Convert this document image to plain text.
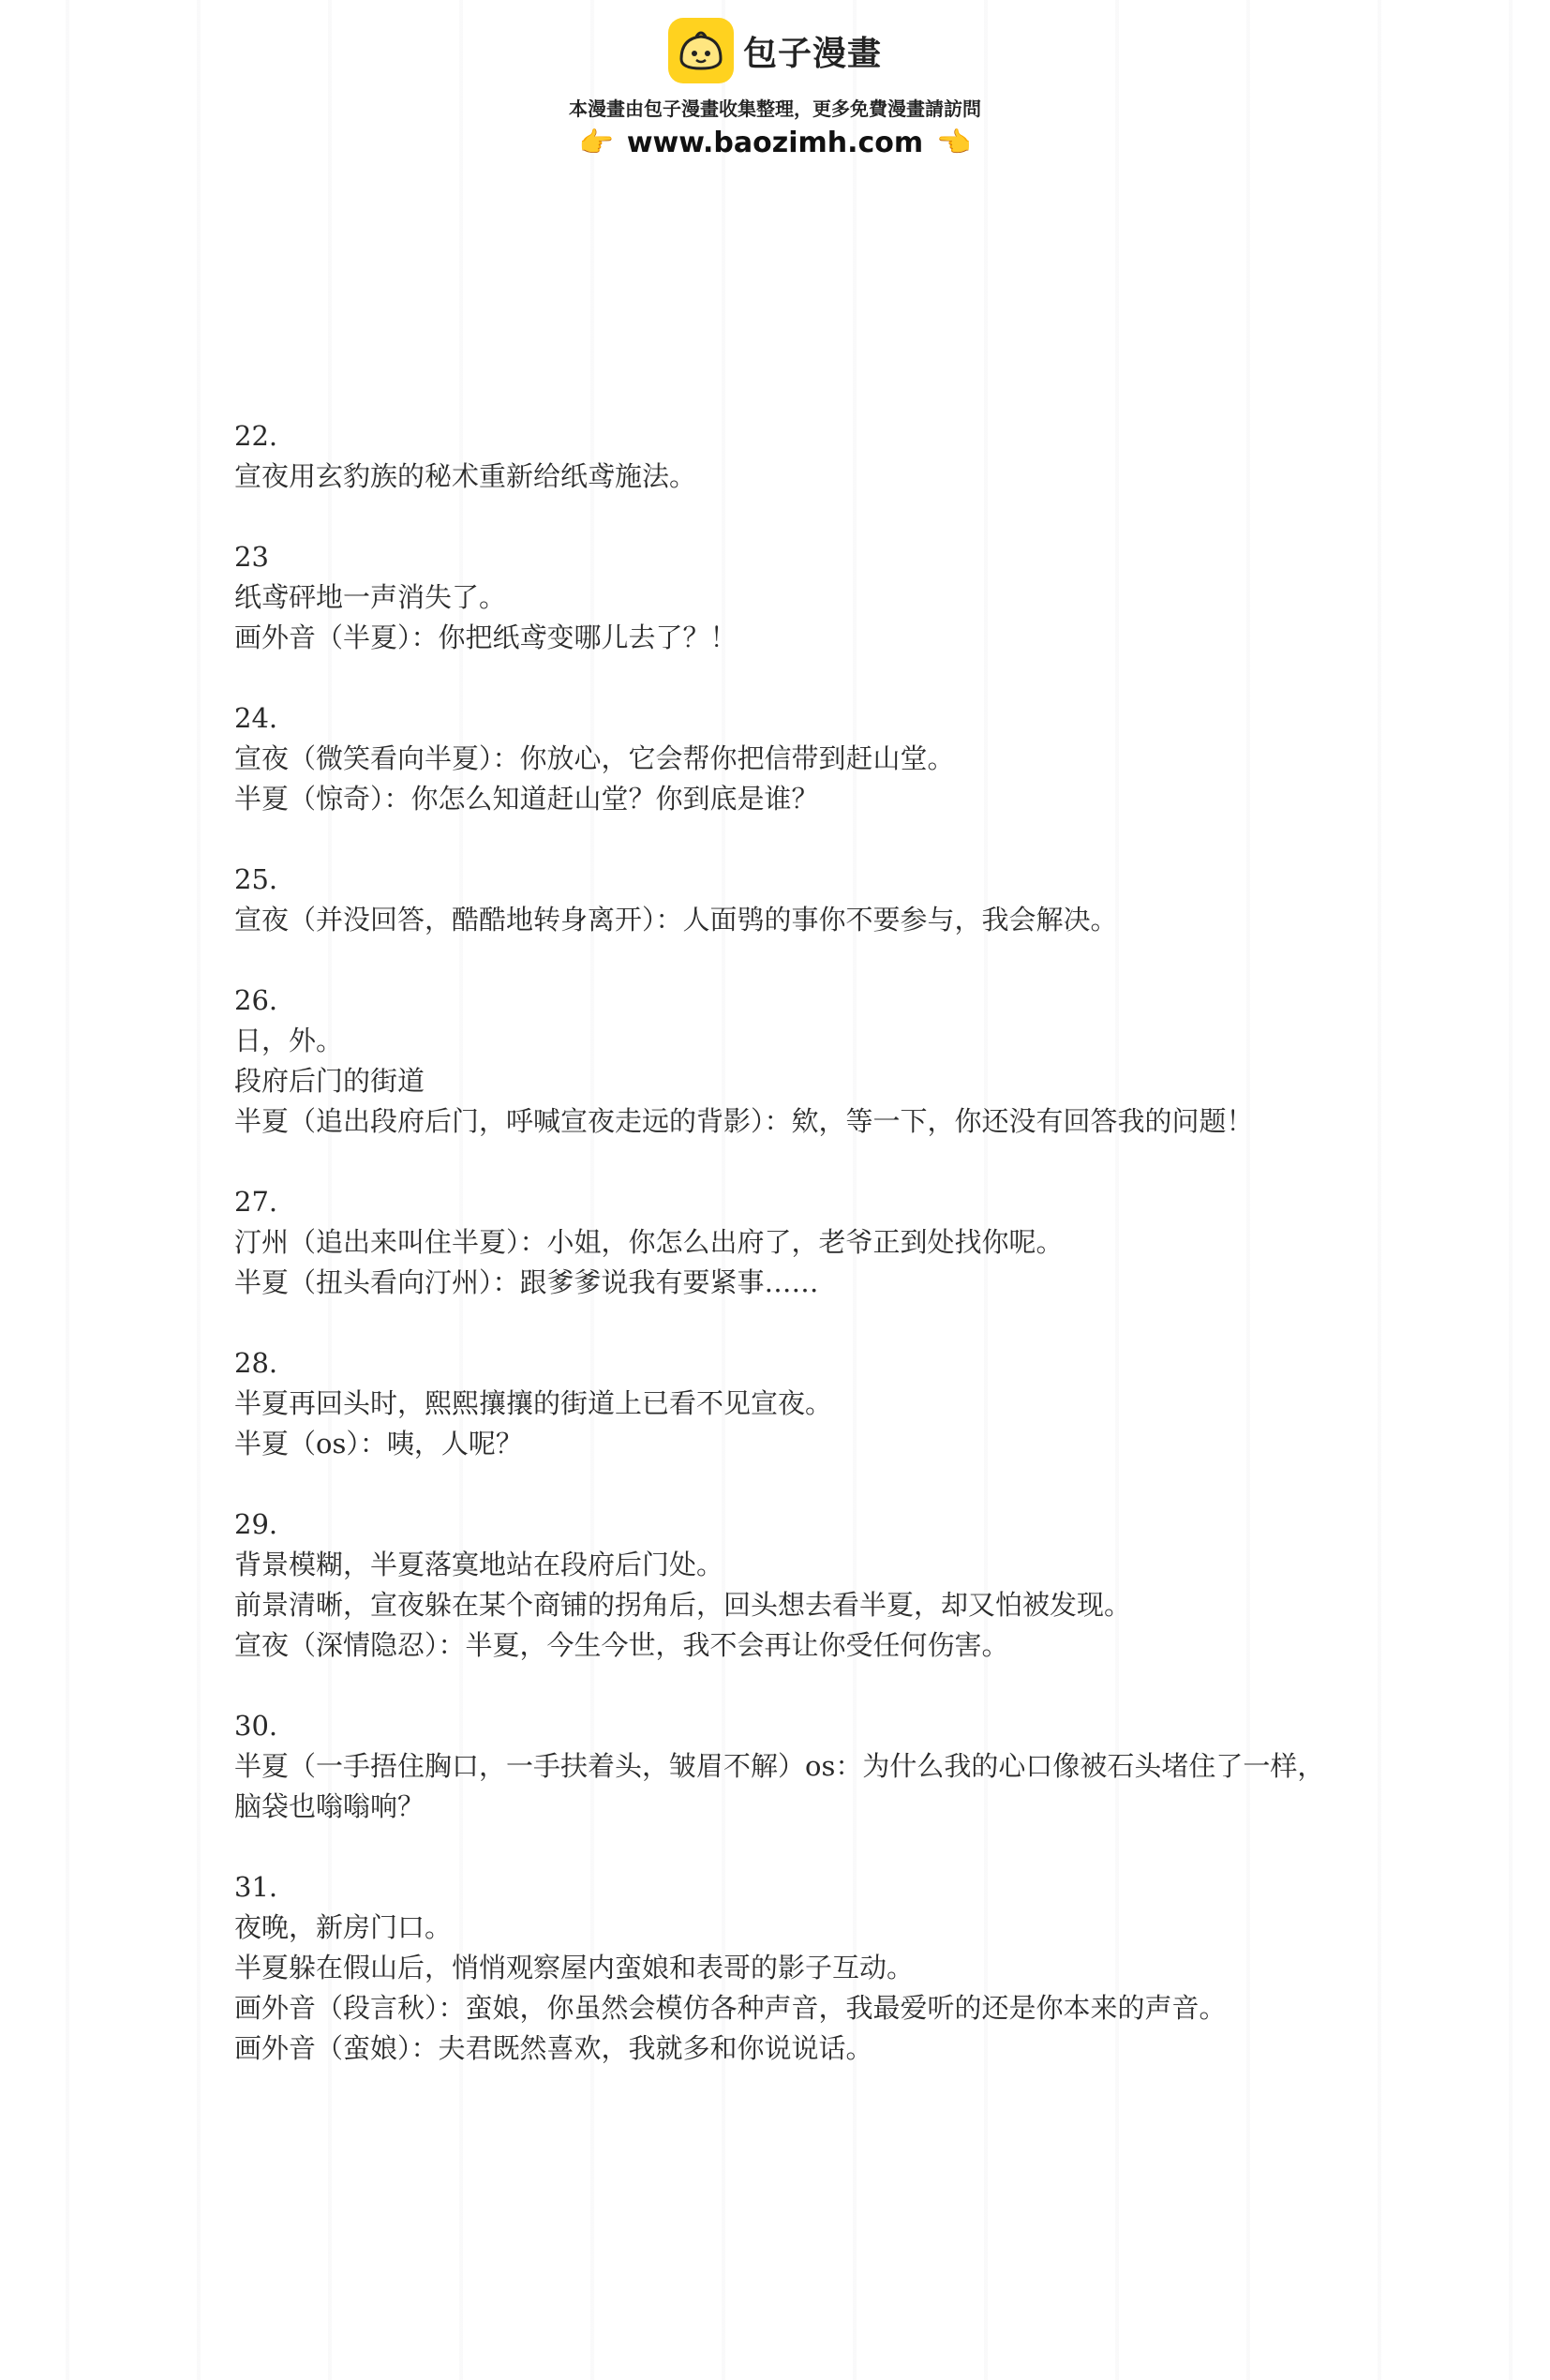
包子漫畫
本漫畫由包子漫畫收集整理，更多免費漫畫請訪問
👉 www.baozimh.com 👈

22.

宣夜用玄豹族的秘术重新给纸鸢施法。

23

纸鸢砰地一声消失了。

画外音（半夏）：你把纸鸢变哪儿去了？！

24.

宣夜（微笑看向半夏）：你放心，它会帮你把信带到赶山堂。

半夏（惊奇）：你怎么知道赶山堂？你到底是谁？

25.

宣夜（并没回答，酷酷地转身离开）：人面鸮的事你不要参与，我会解决。

26.

日，外。

段府后门的街道

半夏（追出段府后门，呼喊宣夜走远的背影）：欸，等一下，你还没有回答我的问题！

27.

汀州（追出来叫住半夏）：小姐，你怎么出府了，老爷正到处找你呢。

半夏（扭头看向汀州）：跟爹爹说我有要紧事……

28.

半夏再回头时，熙熙攘攘的街道上已看不见宣夜。

半夏（os）：咦，人呢？

29.

背景模糊，半夏落寞地站在段府后门处。

前景清晰，宣夜躲在某个商铺的拐角后，回头想去看半夏，却又怕被发现。

宣夜（深情隐忍）：半夏，今生今世，我不会再让你受任何伤害。

30.

半夏（一手捂住胸口，一手扶着头，皱眉不解）os：为什么我的心口像被石头堵住了一样，脑袋也嗡嗡响？

31.

夜晚，新房门口。

半夏躲在假山后，悄悄观察屋内蛮娘和表哥的影子互动。

画外音（段言秋）：蛮娘，你虽然会模仿各种声音，我最爱听的还是你本来的声音。

画外音（蛮娘）：夫君既然喜欢，我就多和你说说话。
